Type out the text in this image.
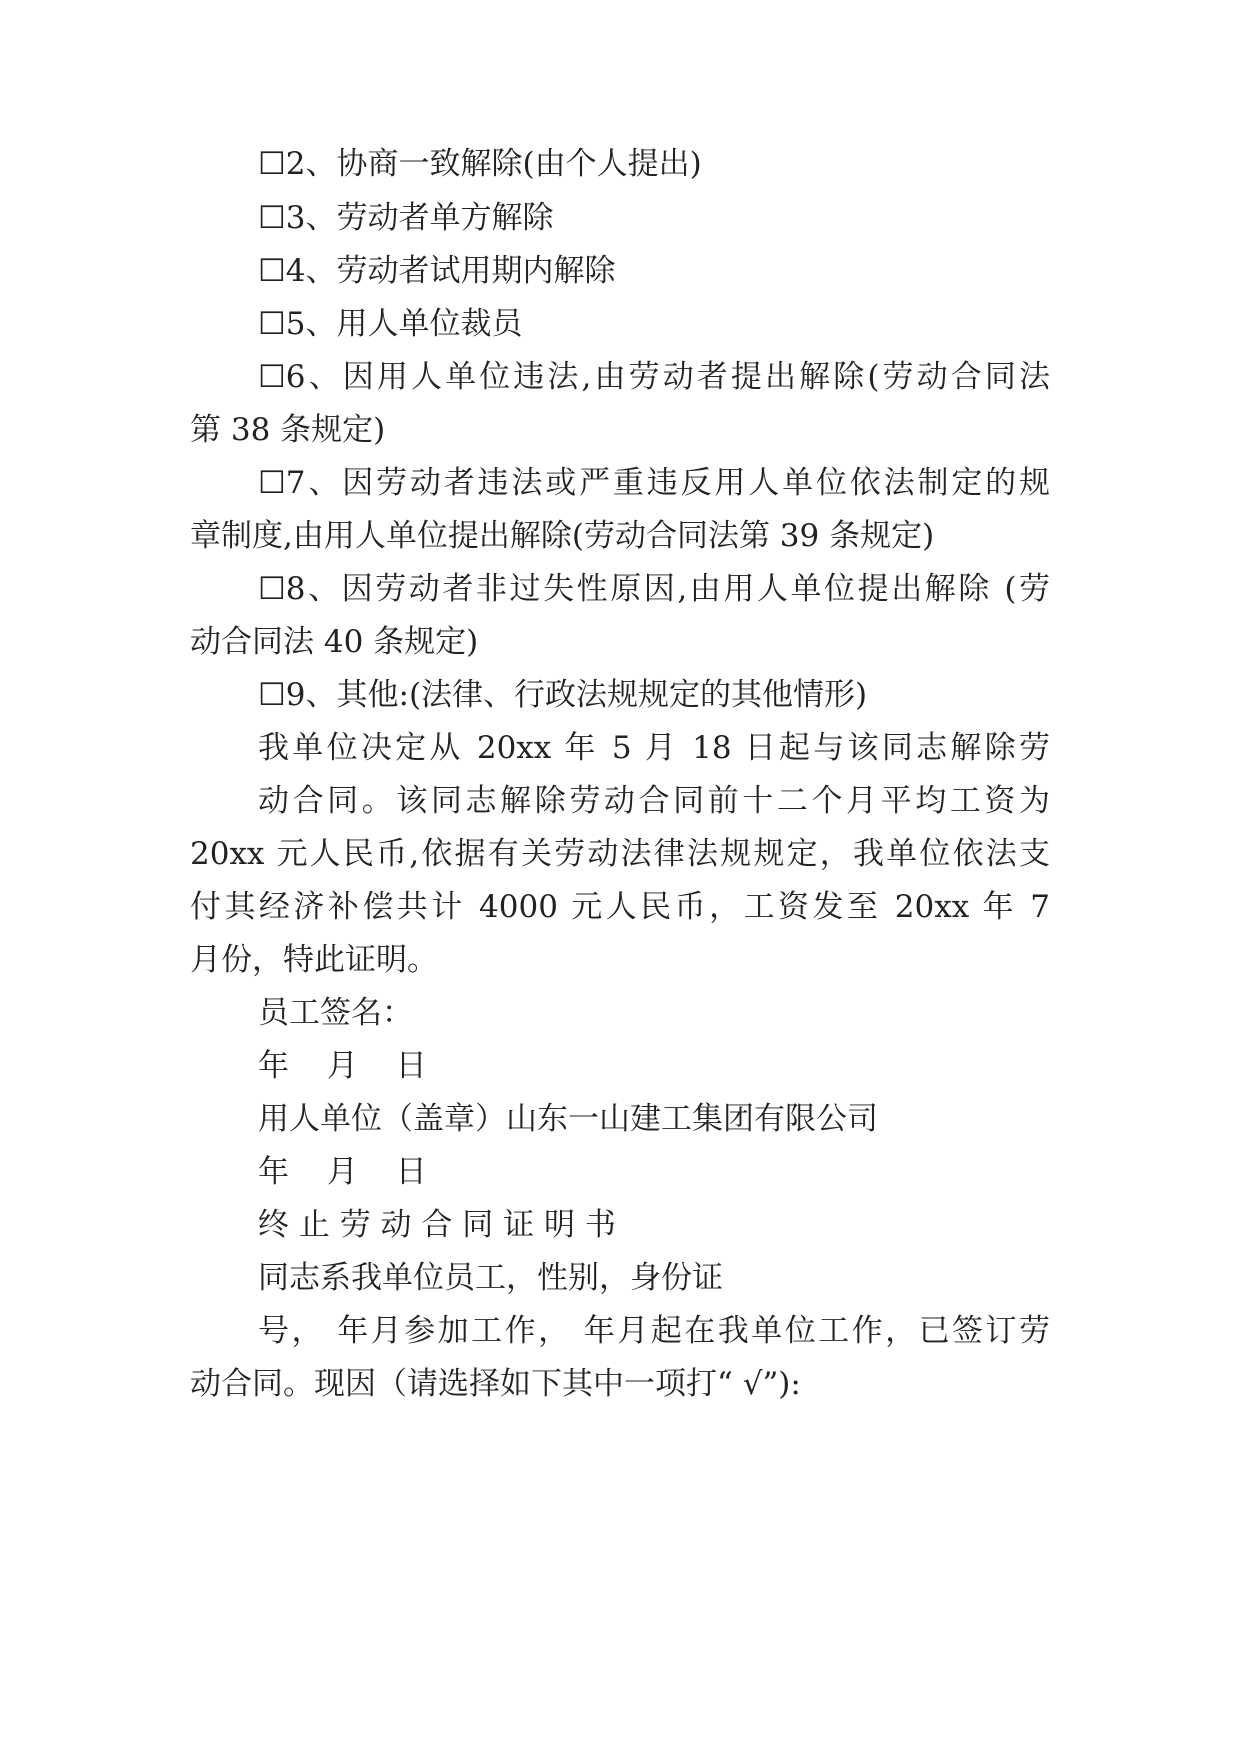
☐2、协商一致解除(由个人提出)
☐3、劳动者单方解除
☐4、劳动者试用期内解除
☐5、用人单位裁员
☐6、因用人单位违法,由劳动者提出解除(劳动合同法
第 38 条规定)
☐7、因劳动者违法或严重违反用人单位依法制定的规
章制度,由用人单位提出解除(劳动合同法第 39 条规定)
☐8、因劳动者非过失性原因,由用人单位提出解除 (劳
动合同法 40 条规定)
☐9、其他:(法律、行政法规规定的其他情形)
我单位决定从 20xx 年 5 月 18 日起与该同志解除劳
动合同。该同志解除劳动合同前十二个月平均工资为
20xx 元人民币,依据有关劳动法律法规规定，我单位依法支
付其经济补偿共计 4000 元人民币，工资发至 20xx 年 7
月份，特此证明。
员工签名：
年 月 日
用人单位（盖章）山东一山建工集团有限公司
年 月 日
终 止 劳 动 合 同 证 明 书
同志系我单位员工，性别，身份证
号， 年月参加工作， 年月起在我单位工作，已签订劳
动合同。现因（请选择如下其中一项打“ √”):
